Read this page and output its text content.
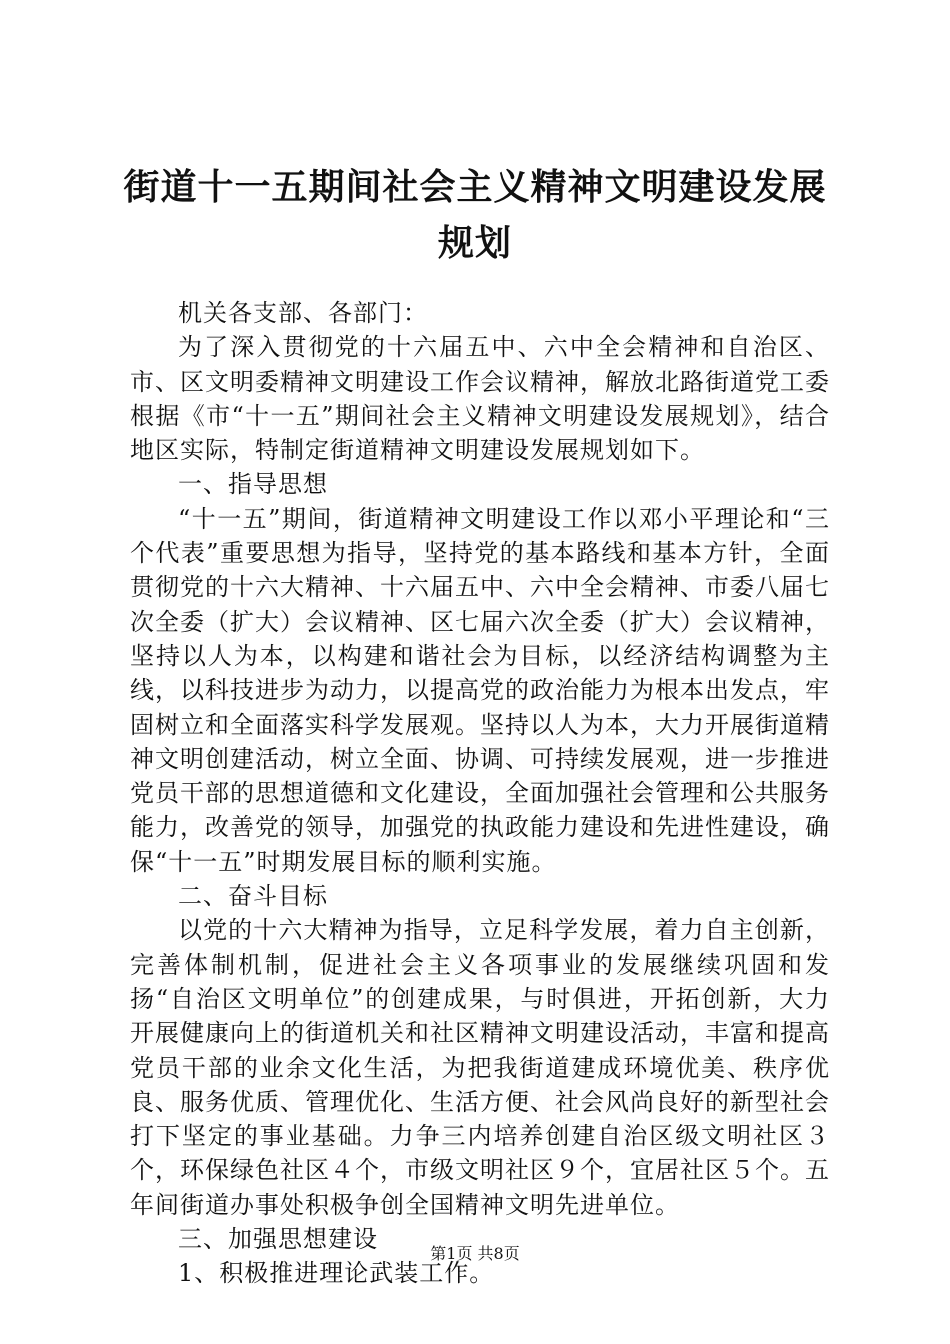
街道十一五期间社会主义精神文明建设发展规划

机关各支部、各部门：

为了深入贯彻党的十六届五中、六中全会精神和自治区、市、区文明委精神文明建设工作会议精神，解放北路街道党工委根据《市“十一五”期间社会主义精神文明建设发展规划》，结合地区实际，特制定街道精神文明建设发展规划如下。

一、指导思想

“十一五”期间，街道精神文明建设工作以邓小平理论和“三个代表”重要思想为指导，坚持党的基本路线和基本方针，全面贯彻党的十六大精神、十六届五中、六中全会精神、市委八届七次全委（扩大）会议精神、区七届六次全委（扩大）会议精神，坚持以人为本，以构建和谐社会为目标，以经济结构调整为主线，以科技进步为动力，以提高党的政治能力为根本出发点，牢固树立和全面落实科学发展观。坚持以人为本，大力开展街道精神文明创建活动，树立全面、协调、可持续发展观，进一步推进党员干部的思想道德和文化建设，全面加强社会管理和公共服务能力，改善党的领导，加强党的执政能力建设和先进性建设，确保“十一五”时期发展目标的顺利实施。

二、奋斗目标

以党的十六大精神为指导，立足科学发展，着力自主创新，完善体制机制，促进社会主义各项事业的发展继续巩固和发扬“自治区文明单位”的创建成果，与时俱进，开拓创新，大力开展健康向上的街道机关和社区精神文明建设活动，丰富和提高党员干部的业余文化生活，为把我街道建成环境优美、秩序优良、服务优质、管理优化、生活方便、社会风尚良好的新型社会打下坚定的事业基础。力争三内培养创建自治区级文明社区３个，环保绿色社区４个，市级文明社区９个，宜居社区５个。五年间街道办事处积极争创全国精神文明先进单位。

三、加强思想建设

1、积极推进理论武装工作。

第1页 共8页
